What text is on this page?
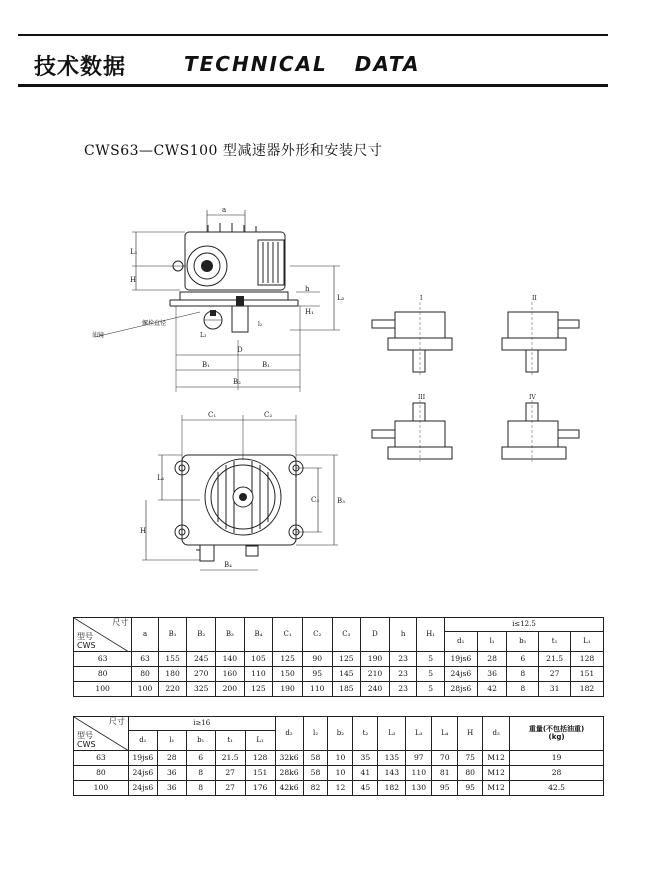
技术数据	TECHNICAL DATA
CWS63—CWS100 型减速器外形和安装尺寸
a
L₁
H
L₂
h
H₁
油镜
螺栓直径
L₃
l₂
D
B₁	B₁
B₂
C₁	C₂
L₁
H
C₃	B₃
B₄
I	II
III	IV
尺寸
型号
CWS	a	B₁	B₂	B₃	B₄	C₁	C₂	C₃	D	h	H₁	i≤12.5				
												d₁	l₁	b₁	t₁	L₁
63	63	155	245	140	105	125	90	125	190	23	5	19js6	28	6	21.5	128
80	80	180	270	160	110	150	95	145	210	23	5	24js6	36	8	27	151
100	100	220	325	200	125	190	110	185	240	23	5	28js6	42	8	31	182
尺寸
型号
CWS	i≥16					d₂	l₂	b₂	t₂	L₂	L₃	L₄	H	d₃	重量(不包括油重)
(kg)
	d₁	l₁	b₁	t₁	L₁										
63	19js6	28	6	21.5	128	32k6	58	10	35	135	97	70	75	M12	19
80	24js6	36	8	27	151	28k6	58	10	41	143	110	81	80	M12	28
100	24js6	36	8	27	176	42k6	82	12	45	182	130	95	95	M12	42.5
